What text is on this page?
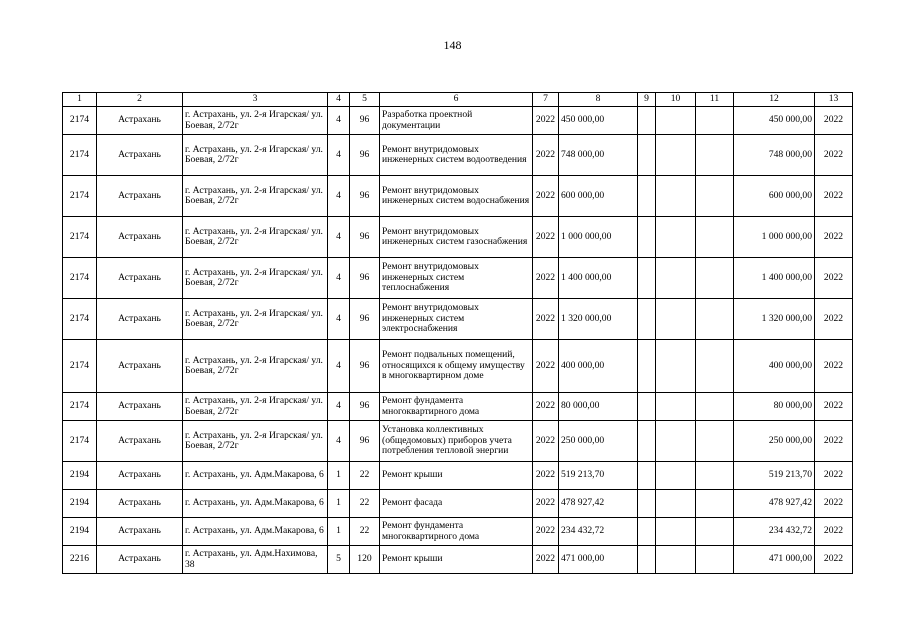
148
1	2	3	4	5	6	7	8	9	10	11	12	13
2174	Астрахань	г. Астрахань, ул. 2-я Игарская/ ул. Боевая, 2/72г	4	96	Разработка проектной документации	2022	450 000,00				450 000,00	2022
2174	Астрахань	г. Астрахань, ул. 2-я Игарская/ ул. Боевая, 2/72г	4	96	Ремонт внутридомовых инженерных систем водоотведения	2022	748 000,00				748 000,00	2022
2174	Астрахань	г. Астрахань, ул. 2-я Игарская/ ул. Боевая, 2/72г	4	96	Ремонт внутридомовых инженерных систем водоснабжения	2022	600 000,00				600 000,00	2022
2174	Астрахань	г. Астрахань, ул. 2-я Игарская/ ул. Боевая, 2/72г	4	96	Ремонт внутридомовых инженерных систем газоснабжения	2022	1 000 000,00				1 000 000,00	2022
2174	Астрахань	г. Астрахань, ул. 2-я Игарская/ ул. Боевая, 2/72г	4	96	Ремонт внутридомовых инженерных систем теплоснабжения	2022	1 400 000,00				1 400 000,00	2022
2174	Астрахань	г. Астрахань, ул. 2-я Игарская/ ул. Боевая, 2/72г	4	96	Ремонт внутридомовых инженерных систем электроснабжения	2022	1 320 000,00				1 320 000,00	2022
2174	Астрахань	г. Астрахань, ул. 2-я Игарская/ ул. Боевая, 2/72г	4	96	Ремонт подвальных помещений, относящихся к общему имуществу в многоквартирном доме	2022	400 000,00				400 000,00	2022
2174	Астрахань	г. Астрахань, ул. 2-я Игарская/ ул. Боевая, 2/72г	4	96	Ремонт фундамента многоквартирного дома	2022	80 000,00				80 000,00	2022
2174	Астрахань	г. Астрахань, ул. 2-я Игарская/ ул. Боевая, 2/72г	4	96	Установка коллективных (общедомовых) приборов учета потребления тепловой энергии	2022	250 000,00				250 000,00	2022
2194	Астрахань	г. Астрахань, ул. Адм.Макарова, 6	1	22	Ремонт крыши	2022	519 213,70				519 213,70	2022
2194	Астрахань	г. Астрахань, ул. Адм.Макарова, 6	1	22	Ремонт фасада	2022	478 927,42				478 927,42	2022
2194	Астрахань	г. Астрахань, ул. Адм.Макарова, 6	1	22	Ремонт фундамента многоквартирного дома	2022	234 432,72				234 432,72	2022
2216	Астрахань	г. Астрахань, ул. Адм.Нахимова, 38	5	120	Ремонт крыши	2022	471 000,00				471 000,00	2022
